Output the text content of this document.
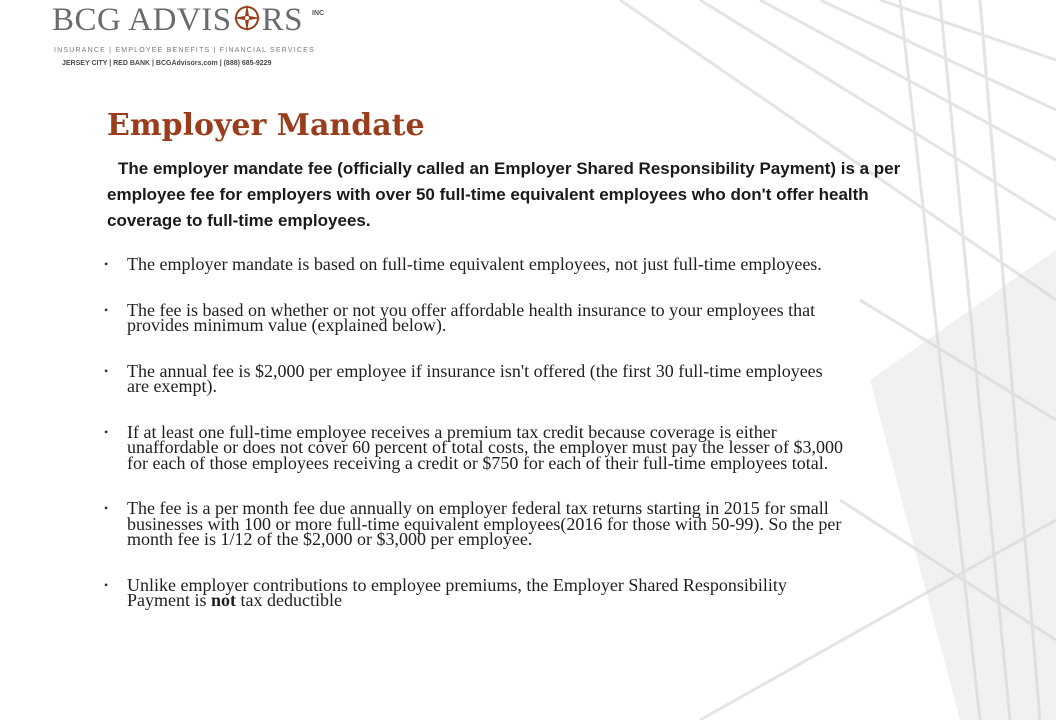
BCG ADVIS RS INC
INSURANCE | EMPLOYEE BENEFITS | FINANCIAL SERVICES
JERSEY CITY | RED BANK | BCGAdvisors.com | (888) 685-9229
Employer Mandate

The employer mandate fee (officially called an Employer Shared Responsibility Payment) is a per employee fee for employers with over 50 full-time equivalent employees who don't offer health coverage to full-time employees.

• The employer mandate is based on full-time equivalent employees, not just full-time employees.
• The fee is based on whether or not you offer affordable health insurance to your employees that provides minimum value (explained below).
• The annual fee is $2,000 per employee if insurance isn't offered (the first 30 full-time employees are exempt).
• If at least one full-time employee receives a premium tax credit because coverage is either unaffordable or does not cover 60 percent of total costs, the employer must pay the lesser of $3,000 for each of those employees receiving a credit or $750 for each of their full-time employees total.
• The fee is a per month fee due annually on employer federal tax returns starting in 2015 for small businesses with 100 or more full-time equivalent employees(2016 for those with 50-99). So the per month fee is 1/12 of the $2,000 or $3,000 per employee.
• Unlike employer contributions to employee premiums, the Employer Shared Responsibility Payment is not tax deductible
